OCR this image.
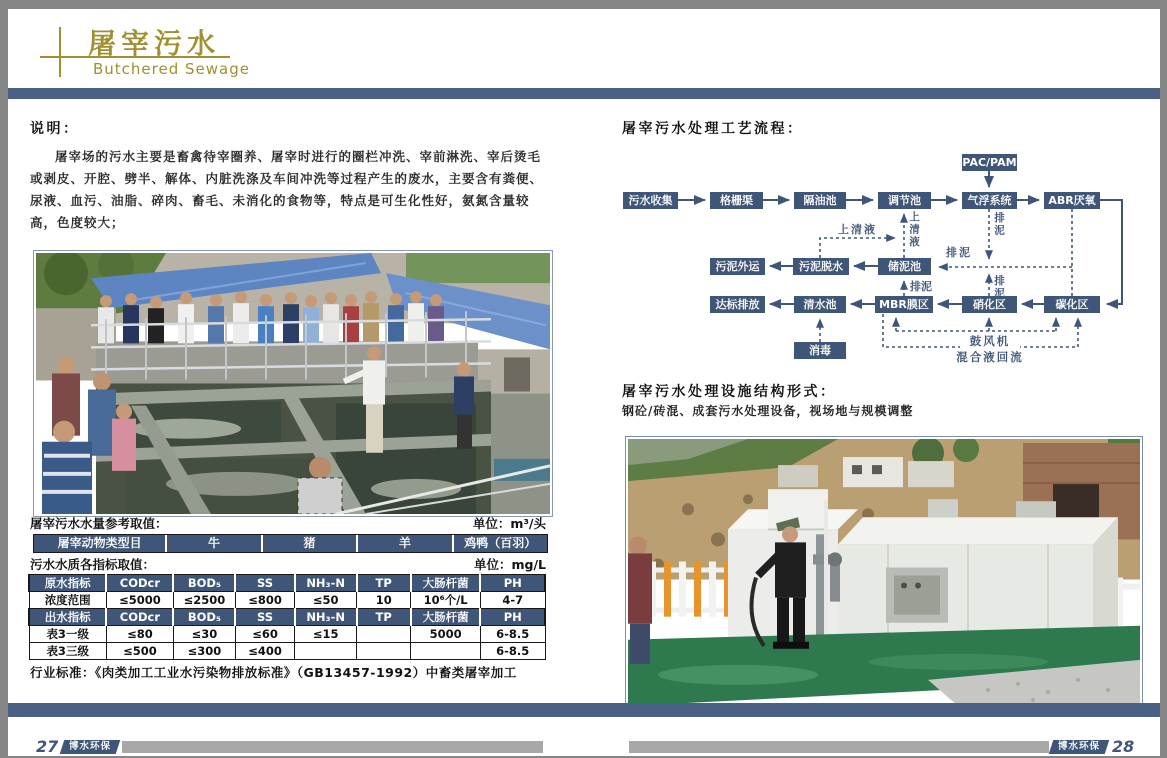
屠宰污水
Butchered Sewage
说明：
屠宰场的污水主要是畜禽待宰圈养、屠宰时进行的圈栏冲洗、宰前淋洗、宰后烫毛或剥皮、开腔、劈半、解体、内脏洗涤及车间冲洗等过程产生的废水，主要含有粪便、尿液、血污、油脂、碎肉、畜毛、未消化的食物等，特点是可生化性好，氨氮含量较高，色度较大；
屠宰污水水量参考取值：	单位：m³/头
屠宰动物类型目	牛	猪	羊	鸡鸭（百羽）
污水水质各指标取值：	单位：mg/L
原水指标	CODcr	BOD₅	SS	NH₃-N	TP	大肠杆菌	PH
浓度范围	≤5000	≤2500	≤800	≤50	10	10⁶个/L	4-7
出水指标	CODcr	BOD₅	SS	NH₃-N	TP	大肠杆菌	PH
表3一级	≤80	≤30	≤60	≤15		5000	6-8.5
表3三级	≤500	≤300	≤400				6-8.5
行业标准：《肉类加工工业水污染物排放标准》（GB13457-1992）中畜类屠宰加工
屠宰污水处理工艺流程：
污水收集	格栅渠	隔油池	调节池	气浮系统	ABR厌氧
PAC/PAM
污泥外运	污泥脱水	储泥池
达标排放	清水池	MBR膜区	硝化区	碳化区
消毒
上清液	上清液
排泥
排泥
排泥
排泥
鼓风机
混合液回流
屠宰污水处理设施结构形式：
钢砼/砖混、成套污水处理设备，视场地与规模调整
27	博水环保	博水环保 28
